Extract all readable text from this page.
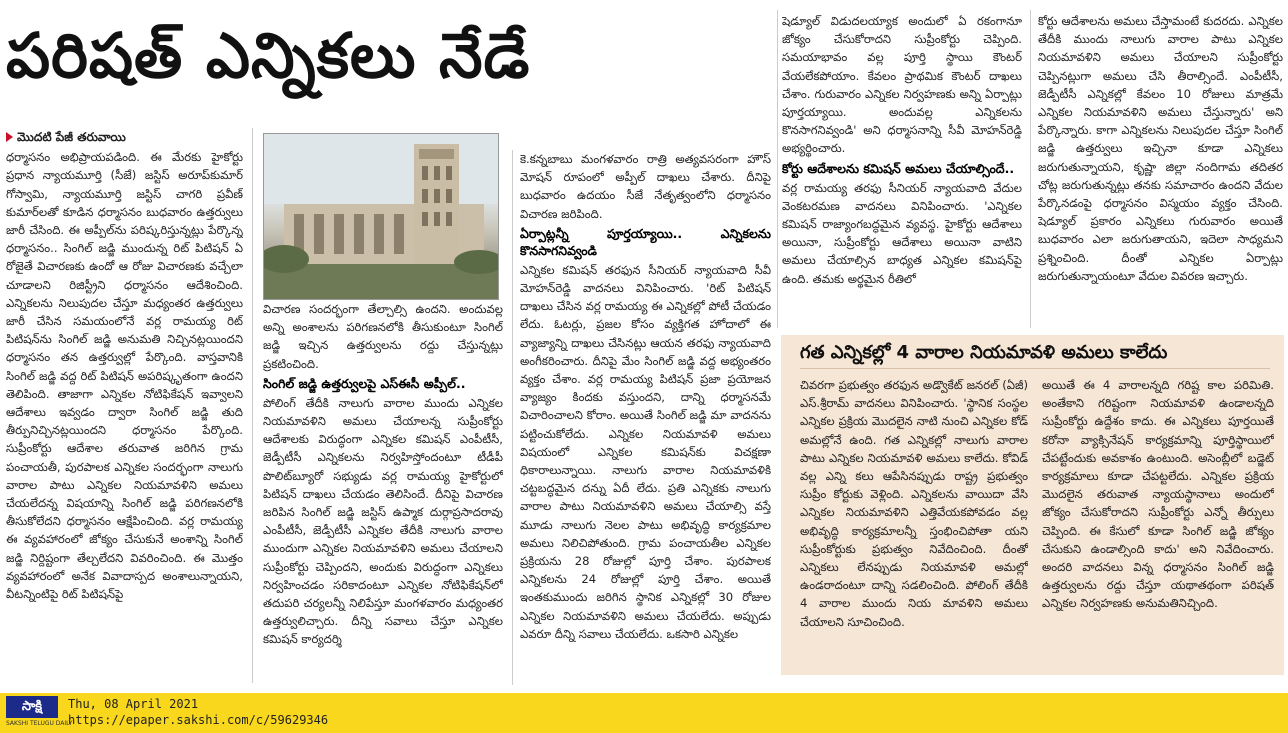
పరిషత్ ఎన్నికలు నేడే
మొదటి పేజీ తరువాయి

ధర్మాసనం అభిప్రాయపడింది. ఈ మేరకు హైకోర్టు ప్రధాన న్యాయమూర్తి (సీజే) జస్టిస్ అరూప్‌కుమార్ గోస్వామి, న్యాయమూర్తి జస్టిస్ చాగరి ప్రవీణ్ కుమార్‌లతో కూడిన ధర్మాసనం బుధవారం ఉత్తర్వులు జారీ చేసింది. ఈ అప్పీల్‌ను పరిష్కరిస్తున్నట్లు పేర్కొన్న ధర్మాసనం.. సింగిల్ జడ్జి ముందున్న రిట్ పిటిషన్ ఏ రోజైతే విచారణకు ఉందో ఆ రోజు విచారణకు వచ్చేలా చూడాలని రిజిస్ట్రీని ధర్మాసనం ఆదేశించింది. ఎన్నికలను నిలుపుదల చేస్తూ మధ్యంతర ఉత్తర్వులు జారీ చేసిన సమయంలోనే వర్ల రామయ్య రిట్ పిటిషన్‌ను సింగిల్ జడ్జి అనుమతి నిచ్చినట్లయిందని ధర్మాసనం తన ఉత్తర్వుల్లో పేర్కొంది. వాస్తవానికి సింగిల్ జడ్జి వద్ద రిట్ పిటిషన్ అపరిష్కృతంగా ఉందని తెలిపింది. తాజాగా ఎన్నికల నోటిఫికేషన్ ఇవ్వాలని ఆదేశాలు ఇవ్వడం ద్వారా సింగిల్ జడ్జి తుది తీర్పునిచ్చినట్లయిందని ధర్మాసనం పేర్కొంది. సుప్రీంకోర్టు ఆదేశాల తరువాత జరిగిన గ్రామ పంచాయతీ, పురపాలక ఎన్నికల సందర్భంగా నాలుగు వారాల పాటు ఎన్నికల నియమావళిని అమలు చేయలేదన్న విషయాన్ని సింగిల్ జడ్జి పరిగణనలోకి తీసుకోలేదని ధర్మాసనం ఆక్షేపించింది. వర్ల రామయ్య ఈ వ్యవహారంలో జోక్యం చేసుకునే అంశాన్ని సింగిల్ జడ్జి నిర్దిష్టంగా తేల్చలేదని వివరించింది. ఈ మొత్తం వ్యవహారంలో అనేక వివాదాస్పద అంశాలున్నాయని, వీటన్నింటిపై రిట్ పిటిషన్‌పై

విచారణ సందర్భంగా తేల్చాల్సి ఉందని. అందువల్ల అన్ని అంశాలను పరిగణనలోకి తీసుకుంటూ సింగిల్ జడ్జి ఇచ్చిన ఉత్తర్వులను రద్దు చేస్తున్నట్లు ప్రకటించింది.

సింగిల్ జడ్జి ఉత్తర్వులపై ఎస్ఈసీ అప్పీల్..

పోలింగ్ తేదీకి నాలుగు వారాల ముందు ఎన్నికల నియమావళిని అమలు చేయాలన్న సుప్రీంకోర్టు ఆదేశాలకు విరుద్ధంగా ఎన్నికల కమిషన్ ఎంపీటీసీ, జెడ్పీటీసీ ఎన్నికలను నిర్వహిస్తోందంటూ టీడీపీ పొలిట్‌బ్యూరో సభ్యుడు వర్ల రామయ్య హైకోర్టులో పిటిషన్ దాఖలు చేయడం తెలిసిందే. దీనిపై విచారణ జరిపిన సింగిల్ జడ్జి జస్టిస్ ఉప్మాక దుర్గాప్రసాదరావు ఎంపీటీసీ, జెడ్పీటీసీ ఎన్నికల తేదీకి నాలుగు వారాల ముందుగా ఎన్నికల నియమావళిని అమలు చేయాలని సుప్రీంకోర్టు చెప్పిందని, అందుకు విరుద్ధంగా ఎన్నికలు నిర్వహించడం సరికాదంటూ ఎన్నికల నోటిఫికేషన్‌లో తదుపరి చర్యలన్నీ నిలిపేస్తూ మంగళవారం మధ్యంతర ఉత్తర్వులిచ్చారు. దీన్ని సవాలు చేస్తూ ఎన్నికల కమిషన్ కార్యదర్శి

కె.కన్నబాబు మంగళవారం రాత్రి అత్యవసరంగా హౌస్ మోషన్ రూపంలో అప్పీల్ దాఖలు చేశారు. దీనిపై బుధవారం ఉదయం సీజే నేతృత్వంలోని ధర్మాసనం విచారణ జరిపింది.

ఏర్పాట్లన్నీ పూర్తయ్యాయి.. ఎన్నికలను కొనసాగనివ్వండి

ఎన్నికల కమిషన్ తరఫున సీనియర్ న్యాయవాది సీవీ మోహన్‌రెడ్డి వాదనలు వినిపించారు. 'రిట్ పిటిషన్ దాఖలు చేసిన వర్ల రామయ్య ఈ ఎన్నికల్లో పోటీ చేయడం లేదు. ఓటర్లు, ప్రజల కోసం వ్యక్తిగత హోదాలో ఈ వ్యాజ్యాన్ని దాఖలు చేసినట్లు ఆయన తరఫు న్యాయవాది అంగీకరించారు. దీనిపై మేం సింగిల్ జడ్జి వద్ద అభ్యంతరం వ్యక్తం చేశాం. వర్ల రామయ్య పిటిషన్ ప్రజా ప్రయోజన వ్యాజ్యం కిందకు వస్తుందని, దాన్ని ధర్మాసనమే విచారించాలని కోరాం. అయితే సింగిల్ జడ్జి మా వాదనను పట్టించుకోలేదు. ఎన్నికల నియమావళి అమలు విషయంలో ఎన్నికల కమిషన్‌కు విచక్షణా ధికారాలున్నాయి. నాలుగు వారాల నియమావళికి చట్టబద్ధమైన దన్ను ఏదీ లేదు. ప్రతి ఎన్నికకు నాలుగు వారాల పాటు నియమావళిని అమలు చేయాల్సి వస్తే మూడు నాలుగు నెలల పాటు అభివృద్ధి కార్యక్రమాల అమలు నిలిచిపోతుంది. గ్రామ పంచాయతీల ఎన్నికల ప్రక్రియను 28 రోజుల్లో పూర్తి చేశాం. పురపాలక ఎన్నికలను 24 రోజుల్లో పూర్తి చేశాం. అయితే ఇంతకుముందు జరిగిన స్థానిక ఎన్నికల్లో 30 రోజుల ఎన్నికల నియమావళిని అమలు చేయలేదు. అప్పుడు ఎవరూ దీన్ని సవాలు చేయలేదు. ఒకసారి ఎన్నికల

షెడ్యూల్ విడుదలయ్యాక అందులో ఏ రకంగానూ జోక్యం చేసుకోరాదని సుప్రీంకోర్టు చెప్పింది. సమయాభావం వల్ల పూర్తి స్థాయి కౌంటర్ వేయలేకపోయాం. కేవలం ప్రాథమిక కౌంటర్ దాఖలు చేశాం. గురువారం ఎన్నికల నిర్వహణకు అన్ని ఏర్పాట్లు పూర్తయ్యాయి. అందువల్ల ఎన్నికలను కొనసాగనివ్వండి' అని ధర్మాసనాన్ని సీవీ మోహన్‌రెడ్డి అభ్యర్థించారు.

కోర్టు ఆదేశాలను కమిషన్ అమలు చేయాల్సిందే..

వర్ల రామయ్య తరఫు సీనియర్ న్యాయవాది వేదుల వెంకటరమణ వాదనలు వినిపించారు. 'ఎన్నికల కమిషన్ రాజ్యాంగబద్ధమైన వ్యవస్థ. హైకోర్టు ఆదేశాలు అయినా, సుప్రీంకోర్టు ఆదేశాలు అయినా వాటిని అమలు చేయాల్సిన బాధ్యత ఎన్నికల కమిషన్‌పై ఉంది. తమకు అర్థమైన రీతిలో

కోర్టు ఆదేశాలను అమలు చేస్తామంటే కుదరదు. ఎన్నికల తేదీకి ముందు నాలుగు వారాల పాటు ఎన్నికల నియమావళిని అమలు చేయాలని సుప్రీంకోర్టు చెప్పినట్లుగా అమలు చేసి తీరాల్సిందే. ఎంపీటీసీ, జెడ్పీటీసీ ఎన్నికల్లో కేవలం 10 రోజులు మాత్రమే ఎన్నికల నియమావళిని అమలు చేస్తున్నారు' అని పేర్కొన్నారు. కాగా ఎన్నికలను నిలుపుదల చేస్తూ సింగిల్ జడ్జి ఉత్తర్వులు ఇచ్చినా కూడా ఎన్నికలు జరుగుతున్నాయని, కృష్ణా జిల్లా నందిగామ తదితర చోట్ల జరుగుతున్నట్లు తనకు సమాచారం ఉందని వేదుల పేర్కొనడంపై ధర్మాసనం విస్మయం వ్యక్తం చేసింది. షెడ్యూల్ ప్రకారం ఎన్నికలు గురువారం అయితే బుధవారం ఎలా జరుగుతాయని, ఇదెలా సాధ్యమని ప్రశ్నించింది. దీంతో ఎన్నికల ఏర్పాట్లు జరుగుతున్నాయంటూ వేదుల వివరణ ఇచ్చారు.

గత ఎన్నికల్లో 4 వారాల నియమావళి అమలు కాలేదు

చివరగా ప్రభుత్వం తరఫున అడ్వొకేట్ జనరల్ (ఏజీ) ఎస్.శ్రీరామ్ వాదనలు వినిపించారు. 'స్థానిక సంస్థల ఎన్నికల ప్రక్రియ మొదలైన నాటి నుంచి ఎన్నికల కోడ్ అమల్లోనే ఉంది. గత ఎన్నికల్లో నాలుగు వారాల పాటు ఎన్నికల నియమావళి అమలు కాలేదు. కోవిడ్ వల్ల ఎన్ని కలు ఆపేసినప్పుడు రాష్ట్ర ప్రభుత్వం సుప్రీం కోర్టుకు వెళ్లింది. ఎన్నికలను వాయిదా వేసి ఎన్నికల నియమావళిని ఎత్తివేయకపోవడం వల్ల అభివృద్ధి కార్యక్రమాలన్నీ స్తంభించిపోతా యని సుప్రీంకోర్టుకు ప్రభుత్వం నివేదించింది. దీంతో ఎన్నికలు లేనప్పుడు నియమావళి అమల్లో ఉండరాదంటూ దాన్ని సడలించింది. పోలింగ్ తేదీకి 4 వారాల ముందు నియ మావళిని అమలు చేయాలని సూచించింది.

అయితే ఈ 4 వారాలన్నది గరిష్ట కాల పరిమితి. అంతేకాని గరిష్టంగా నియమావళి ఉండాలన్నది సుప్రీంకోర్టు ఉద్దేశం కాదు. ఈ ఎన్నికలు పూర్తయితే కరోనా వ్యాక్సినేషన్ కార్యక్రమాన్ని పూర్తిస్థాయిలో చేపట్టేందుకు అవకాశం ఉంటుంది. అసెంబ్లీలో బడ్జెట్ కార్యక్రమాలు కూడా చేపట్టలేదు. ఎన్నికల ప్రక్రియ మొదలైన తరువాత న్యాయస్థానాలు అందులో జోక్యం చేసుకోరాదని సుప్రీంకోర్టు ఎన్నో తీర్పులు చెప్పింది. ఈ కేసులో కూడా సింగిల్ జడ్జి జోక్యం చేసుకుని ఉండాల్సింది కాదు' అని నివేదించారు. అందరి వాదనలు విన్న ధర్మాసనం సింగిల్ జడ్జి ఉత్తర్వులను రద్దు చేస్తూ యథాతథంగా పరిషత్ ఎన్నికల నిర్వహణకు అనుమతినిచ్చింది.

సాక్షి
SAKSHI TELUGU DAILY
Thu, 08 April 2021
https://epaper.sakshi.com/c/59629346
